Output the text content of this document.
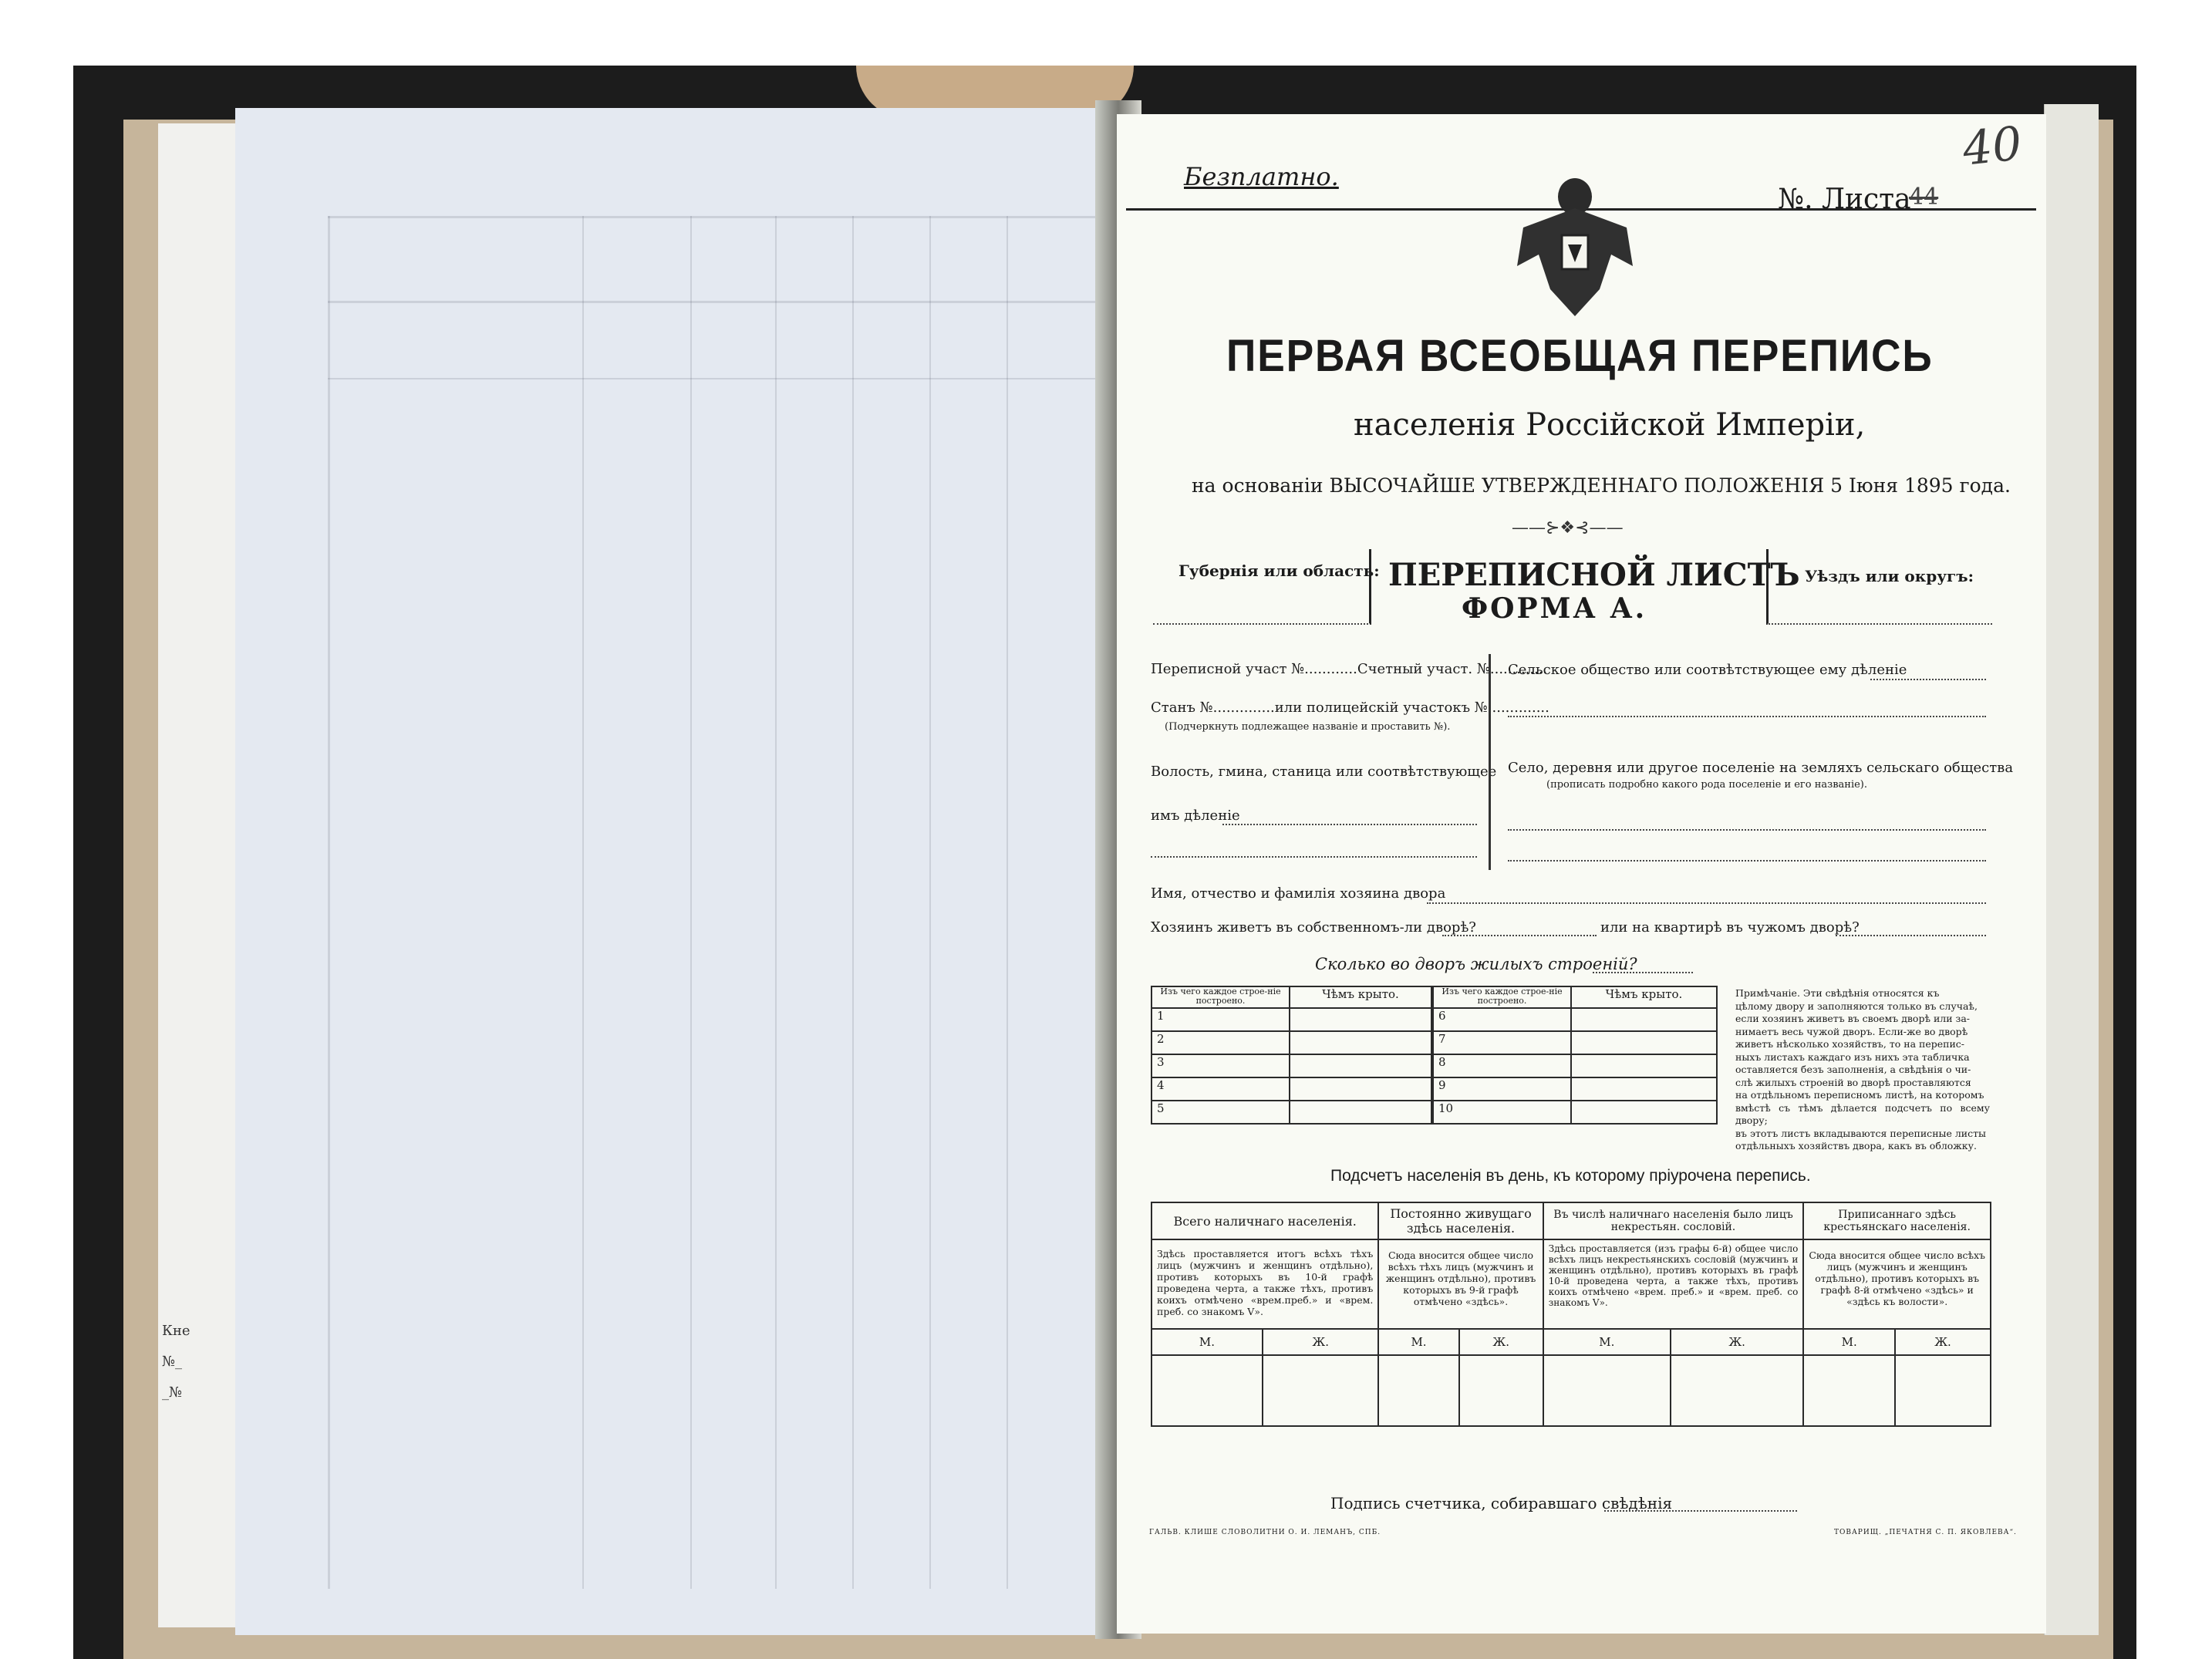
Кне
№_
_№
Безплатно.
№. Листа
44
40
ПЕРВАЯ ВСЕОБЩАЯ ПЕРЕПИСЬ
населенія Россійской Имперіи,
на основаніи ВЫСОЧАЙШЕ УТВЕРЖДЕННАГО ПОЛОЖЕНІЯ 5 Іюня 1895 года.
——⊱❖⊰——
Губернія или область: ПЕРЕПИСНОЙ ЛИСТЪ
ФОРМА А.
Уѣздъ или округъ:
Переписной участ №............Счетный участ. №.............
Станъ №..............или полицейскій участокъ №..............
(Подчеркнуть подлежащее названіе и проставить №).
Волость, гмина, станица или соотвѣтствующее
имъ дѣленіе
Сельское общество или соотвѣтствующее ему дѣленіе
Село, деревня или другое поселеніе на земляхъ сельскаго общества
(прописать подробно какого рода поселеніе и его названіе).
Имя, отчество и фамилія хозяина двора
Хозяинъ живетъ въ собственномъ-ли дворѣ?	или на квартирѣ въ чужомъ дворѣ?
Сколько во дворъ жилыхъ строеній?
Изъ чего каждое строе-ніе построено.	Чѣмъ крыто.
1	
2	
3	
4	
5	
Изъ чего каждое строе-ніе построено.	Чѣмъ крыто.
6	
7	
8	
9	
10	
Примѣчаніе. Эти свѣдѣнія относятся къ
цѣлому двору и заполняются только въ случаѣ,
если хозяинъ живетъ въ своемъ дворѣ или за-
нимаетъ весь чужой дворъ. Если-же во дворѣ
живетъ нѣсколько хозяйствъ, то на перепис-
ныхъ листахъ каждаго изъ нихъ эта табличка
оставляется безъ заполненія, а свѣдѣнія о чи-
слѣ жилыхъ строеній во дворѣ проставляются
на отдѣльномъ переписномъ листѣ, на которомъ
вмѣстѣ съ тѣмъ дѣлается подсчетъ по всему двору;
въ этотъ листъ вкладываются переписные листы
отдѣльныхъ хозяйствъ двора, какъ въ обложку.
Подсчетъ населенія въ день, къ которому пріурочена перепись.
Всего наличнаго населенія.		Постоянно живущаго здѣсь населенія.		Въ числѣ наличнаго населенія было лицъ некрестьян. сословій.		Приписаннаго здѣсь крестьянскаго населенія.	
Здѣсь проставляется итогъ всѣхъ тѣхъ лицъ (мужчинъ и женщинъ отдѣльно), противъ которыхъ въ 10-й графѣ проведена черта, а также тѣхъ, противъ коихъ отмѣчено «врем.преб.» и «врем. преб. со знакомъ V».		Сюда вносится общее число всѣхъ тѣхъ лицъ (мужчинъ и женщинъ отдѣльно), противъ которыхъ въ 9-й графѣ отмѣчено «здѣсь».		Здѣсь проставляется (изъ графы 6-й) общее число всѣхъ лицъ некрестьянскихъ сословій (мужчинъ и женщинъ отдѣльно), противъ которыхъ въ графѣ 10-й проведена черта, а также тѣхъ, противъ коихъ отмѣчено «врем. преб.» и «врем. преб. со знакомъ V».		Сюда вносится общее число всѣхъ лицъ (мужчинъ и женщинъ отдѣльно), противъ которыхъ въ графѣ 8-й отмѣчено «здѣсь» и «здѣсь къ волости».	
М.	Ж.	М.	Ж.	М.	Ж.	М.	Ж.

Подпись счетчика, собиравшаго свѣдѣнія
ГАЛЬВ. КЛИШЕ СЛОВОЛИТНИ О. И. ЛЕМАНЪ, СПБ.	ТОВАРИЩ. „ПЕЧАТНЯ С. П. ЯКОВЛЕВА“.
